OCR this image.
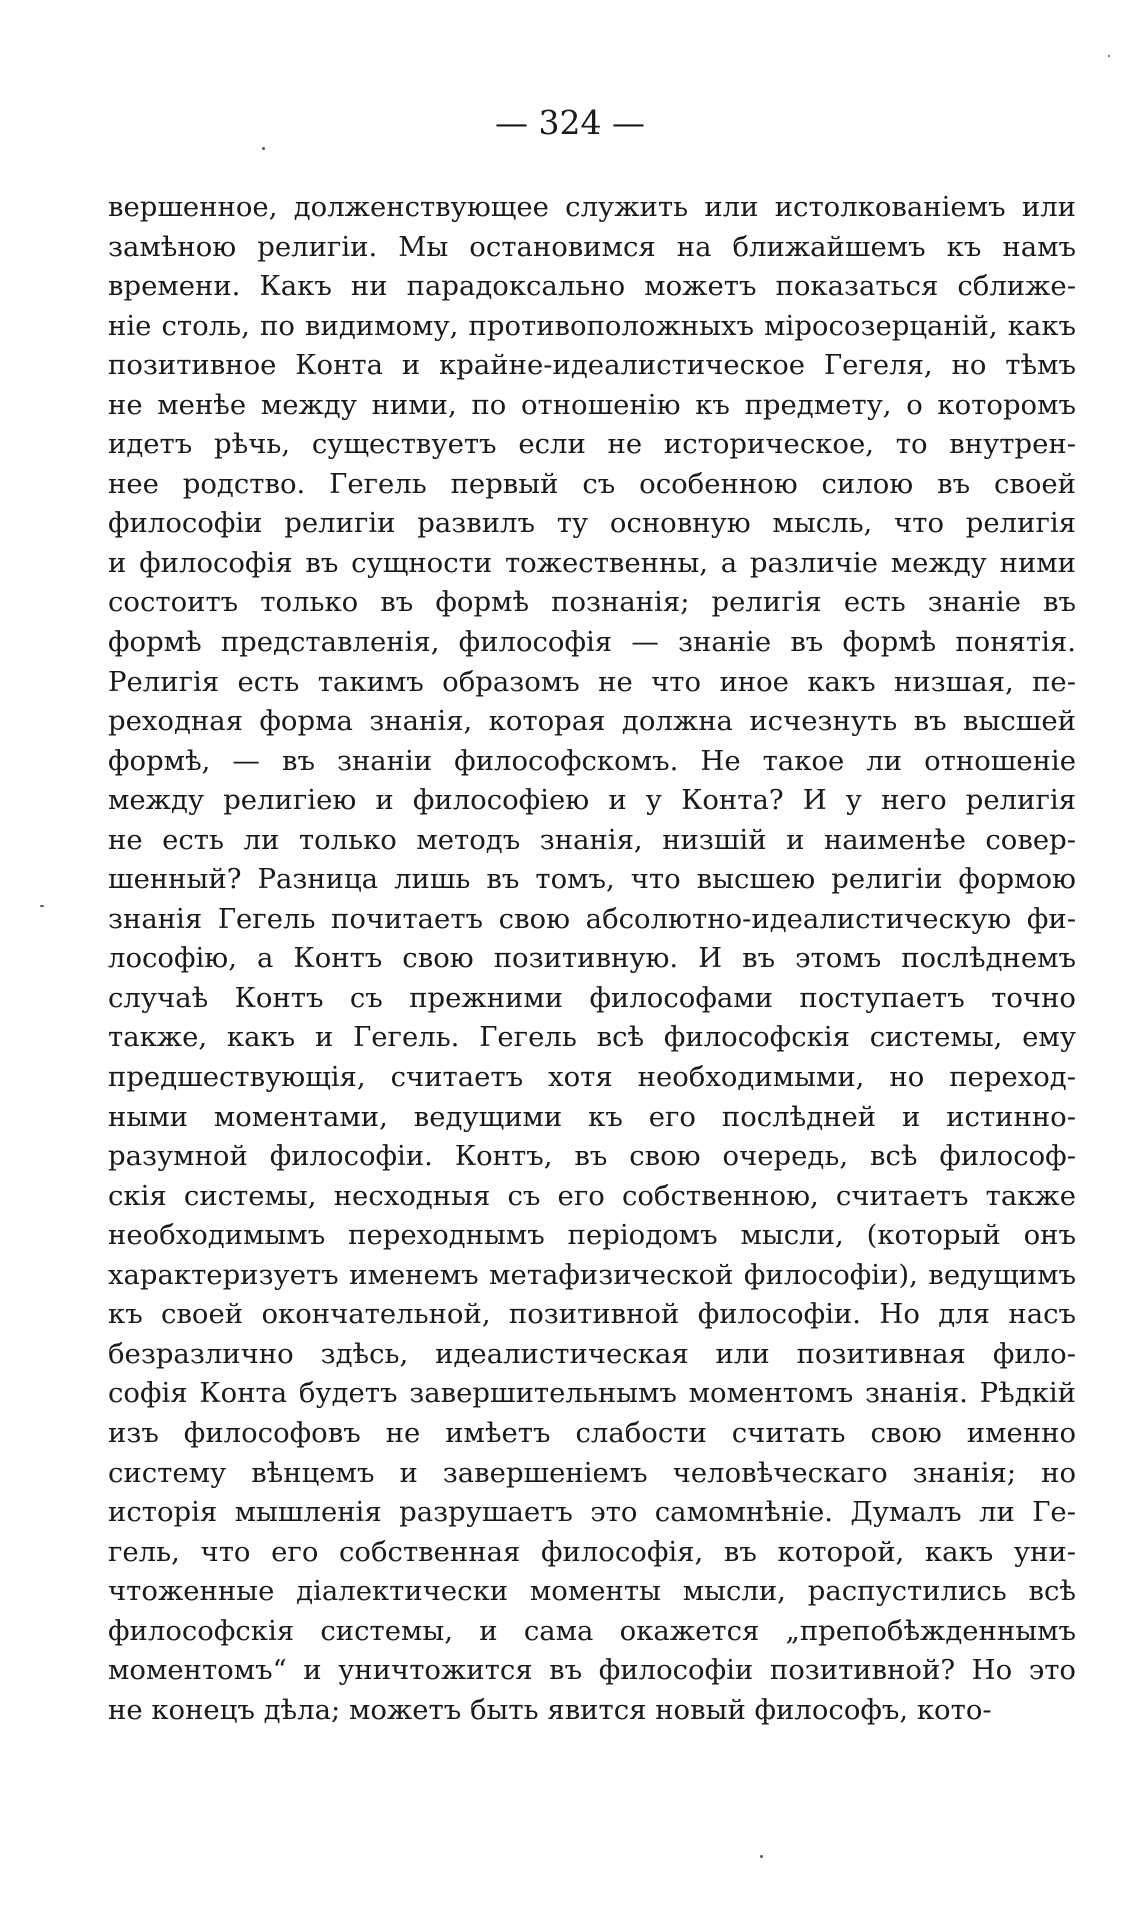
— 324 —
вершенное, долженствующее служить или истолкованіемъ или
замѣною религіи. Мы остановимся на ближайшемъ къ намъ
времени. Какъ ни парадоксально можетъ показаться сближе-
ніе столь, по видимому, противоположныхъ міросозерцаній, какъ
позитивное Конта и крайне-идеалистическое Гегеля, но тѣмъ
не менѣе между ними, по отношенію къ предмету, о которомъ
идетъ рѣчь, существуетъ если не историческое, то внутрен-
нее родство. Гегель первый съ особенною силою въ своей
философіи религіи развилъ ту основную мысль, что религія
и философія въ сущности тожественны, а различіе между ними
состоитъ только въ формѣ познанія; религія есть знаніе въ
формѣ представленія, философія — знаніе въ формѣ понятія.
Религія есть такимъ образомъ не что иное какъ низшая, пе-
реходная форма знанія, которая должна исчезнуть въ высшей
формѣ, — въ знаніи философскомъ. Не такое ли отношеніе
между религіею и философіею и у Конта? И у него религія
не есть ли только методъ знанія, низшій и наименѣе совер-
шенный? Разница лишь въ томъ, что высшею религіи формою
знанія Гегель почитаетъ свою абсолютно-идеалистическую фи-
лософію, а Контъ свою позитивную. И въ этомъ послѣднемъ
случаѣ Контъ съ прежними философами поступаетъ точно
также, какъ и Гегель. Гегель всѣ философскія системы, ему
предшествующія, считаетъ хотя необходимыми, но переход-
ными моментами, ведущими къ его послѣдней и истинно-
разумной философіи. Контъ, въ свою очередь, всѣ философ-
скія системы, несходныя съ его собственною, считаетъ также
необходимымъ переходнымъ періодомъ мысли, (который онъ
характеризуетъ именемъ метафизической философіи), ведущимъ
къ своей окончательной, позитивной философіи. Но для насъ
безразлично здѣсь, идеалистическая или позитивная фило-
софія Конта будетъ завершительнымъ моментомъ знанія. Рѣдкій
изъ философовъ не имѣетъ слабости считать свою именно
систему вѣнцемъ и завершеніемъ человѣческаго знанія; но
исторія мышленія разрушаетъ это самомнѣніе. Думалъ ли Ге-
гель, что его собственная философія, въ которой, какъ уни-
чтоженные діалектически моменты мысли, распустились всѣ
философскія системы, и сама окажется „препобѣжденнымъ
моментомъ“ и уничтожится въ философіи позитивной? Но это
не конецъ дѣла; можетъ быть явится новый философъ, кото-
